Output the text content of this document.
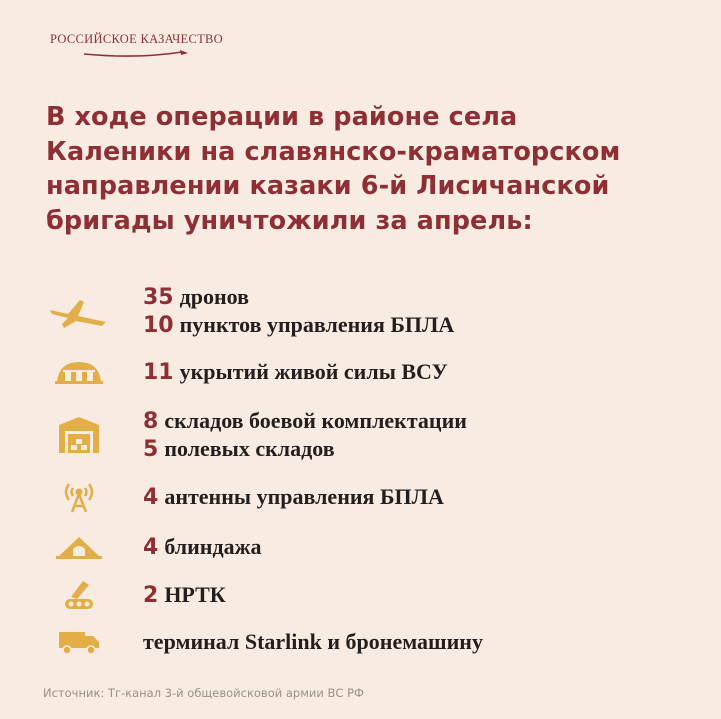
РОССИЙСКОЕ КАЗАЧЕСТВО
В ходе операции в районе села
Каленики на славянско-краматорском
направлении казаки 6-й Лисичанской
бригады уничтожили за апрель:
35 дронов
10 пунктов управления БПЛА
11 укрытий живой силы ВСУ
8 складов боевой комплектации
5 полевых складов
4 антенны управления БПЛА
4 блиндажа
2 НРТК
терминал Starlink и бронемашину
Источник: Тг-канал 3-й общевойсковой армии ВС РФ
